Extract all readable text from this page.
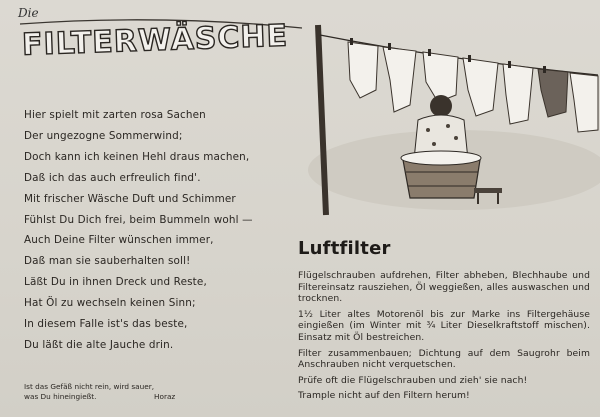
Die
FILTERWÄSCHE
Hier spielt mit zarten rosa Sachen
Der ungezogne Sommerwind;
Doch kann ich keinen Hehl draus machen,
Daß ich das auch erfreulich find'.
Mit frischer Wäsche Duft und Schimmer
Fühlst Du Dich frei, beim Bummeln wohl —
Auch Deine Filter wünschen immer,
Daß man sie sauberhalten soll!
Läßt Du in ihnen Dreck und Reste,
Hat Öl zu wechseln keinen Sinn;
In diesem Falle ist's das beste,
Du läßt die alte Jauche drin.
Ist das Gefäß nicht rein, wird sauer,
was Du hineingießt.	Horaz
Luftfilter

Flügelschrauben aufdrehen, Filter abheben, Blechhaube und Filtereinsatz rausziehen, Öl weggießen, alles auswaschen und trocknen.

1½ Liter altes Motorenöl bis zur Marke ins Filtergehäuse eingießen (im Winter mit ¾ Liter Dieselkraftstoff mischen). Einsatz mit Öl bestreichen.

Filter zusammenbauen; Dichtung auf dem Saugrohr beim Anschrauben nicht verquetschen.

Prüfe oft die Flügelschrauben und zieh' sie nach!

Trample nicht auf den Filtern herum!
